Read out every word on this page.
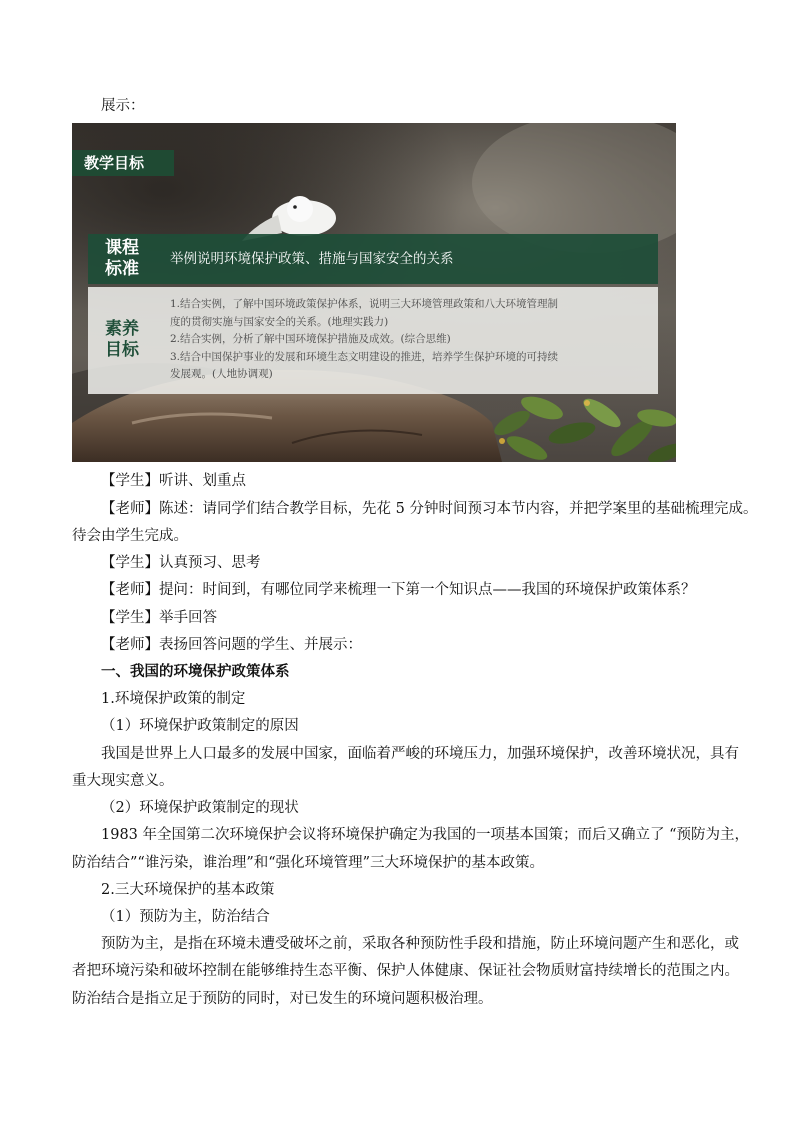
展示：
教学目标
课程
标准	举例说明环境保护政策、措施与国家安全的关系
素养
目标
1.结合实例，了解中国环境政策保护体系，说明三大环境管理政策和八大环境管理制
度的贯彻实施与国家安全的关系。(地理实践力)
2.结合实例，分析了解中国环境保护措施及成效。(综合思维)
3.结合中国保护事业的发展和环境生态文明建设的推进，培养学生保护环境的可持续
发展观。(人地协调观)
【学生】听讲、划重点
【老师】陈述：请同学们结合教学目标，先花 5 分钟时间预习本节内容，并把学案里的基础梳理完成。
待会由学生完成。
【学生】认真预习、思考
【老师】提问：时间到，有哪位同学来梳理一下第一个知识点——我国的环境保护政策体系？
【学生】举手回答
【老师】表扬回答问题的学生、并展示：
一、我国的环境保护政策体系
1.环境保护政策的制定
（1）环境保护政策制定的原因
我国是世界上人口最多的发展中国家，面临着严峻的环境压力，加强环境保护，改善环境状况，具有
重大现实意义。
（2）环境保护政策制定的现状
1983 年全国第二次环境保护会议将环境保护确定为我国的一项基本国策；而后又确立了 “预防为主，
防治结合”“谁污染，谁治理”和“强化环境管理”三大环境保护的基本政策。
2.三大环境保护的基本政策
（1）预防为主，防治结合
预防为主，是指在环境未遭受破坏之前，采取各种预防性手段和措施，防止环境问题产生和恶化，或
者把环境污染和破坏控制在能够维持生态平衡、保护人体健康、保证社会物质财富持续增长的范围之内。
防治结合是指立足于预防的同时，对已发生的环境问题积极治理。
